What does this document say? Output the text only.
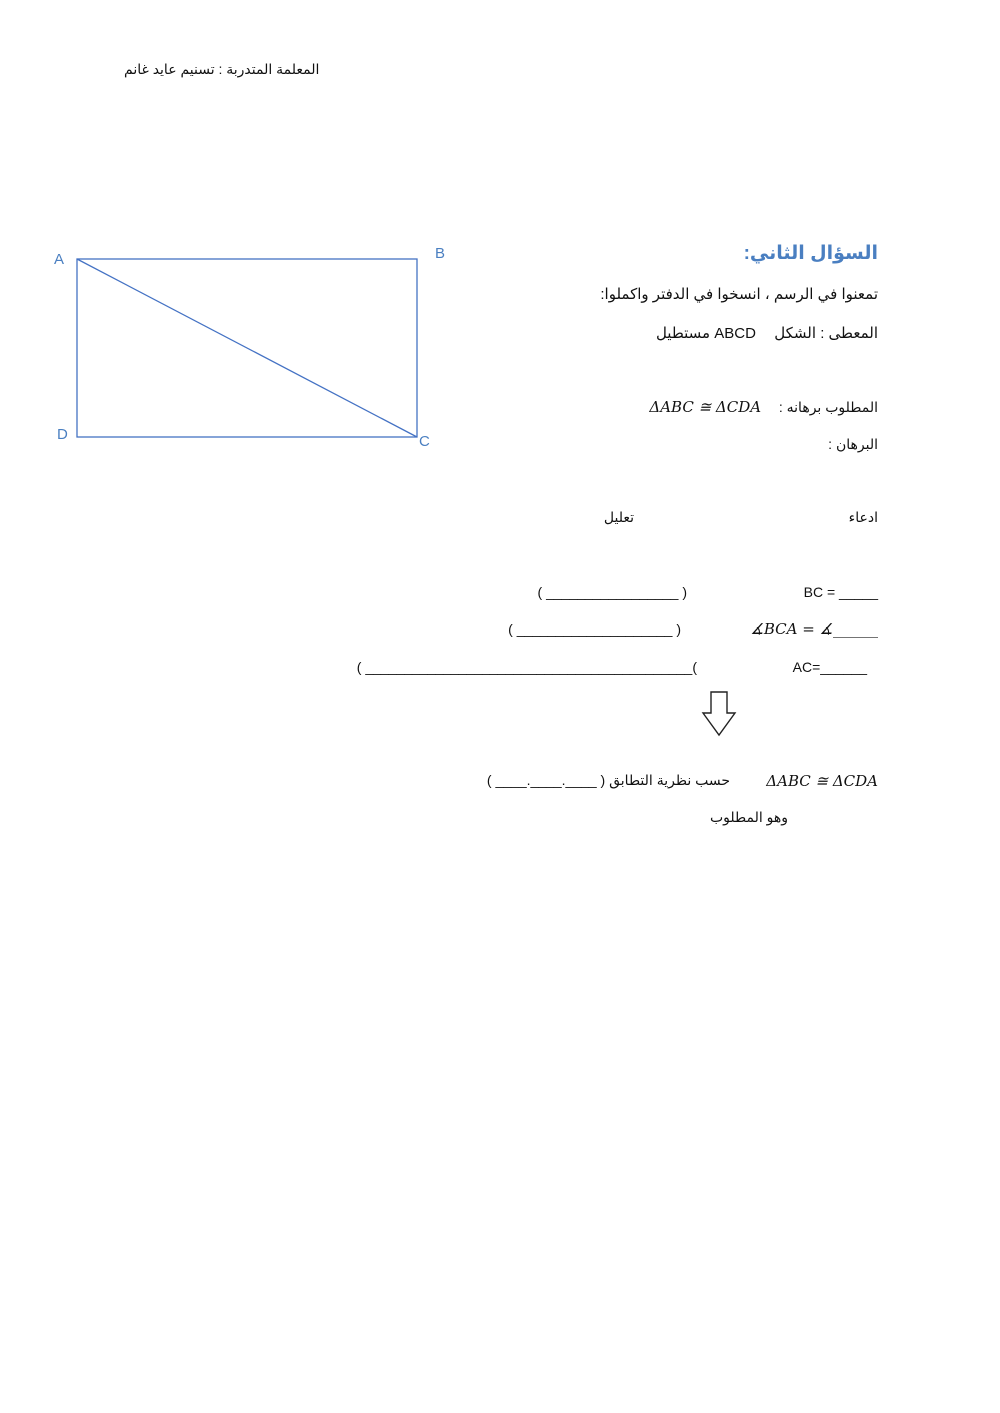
المعلمة المتدربة : تسنيم عايد غانم
A	B
C
D
السؤال الثاني:
تمعنوا في الرسم ، انسخوا في الدفتر واكملوا:
المعطى : الشكل  ABCD مستطيل
المطلوب برهانه :  ΔABC ≅ ΔCDA
البرهان :
ادعاء
تعليل
BC = _____
( _________________ )
∡BCA = ∡______
( ____________________ )
AC=______
( __________________________________________(
ΔABC ≅ ΔCDA
حسب نظرية التطابق ( ____.____.____ )
وهو المطلوب
